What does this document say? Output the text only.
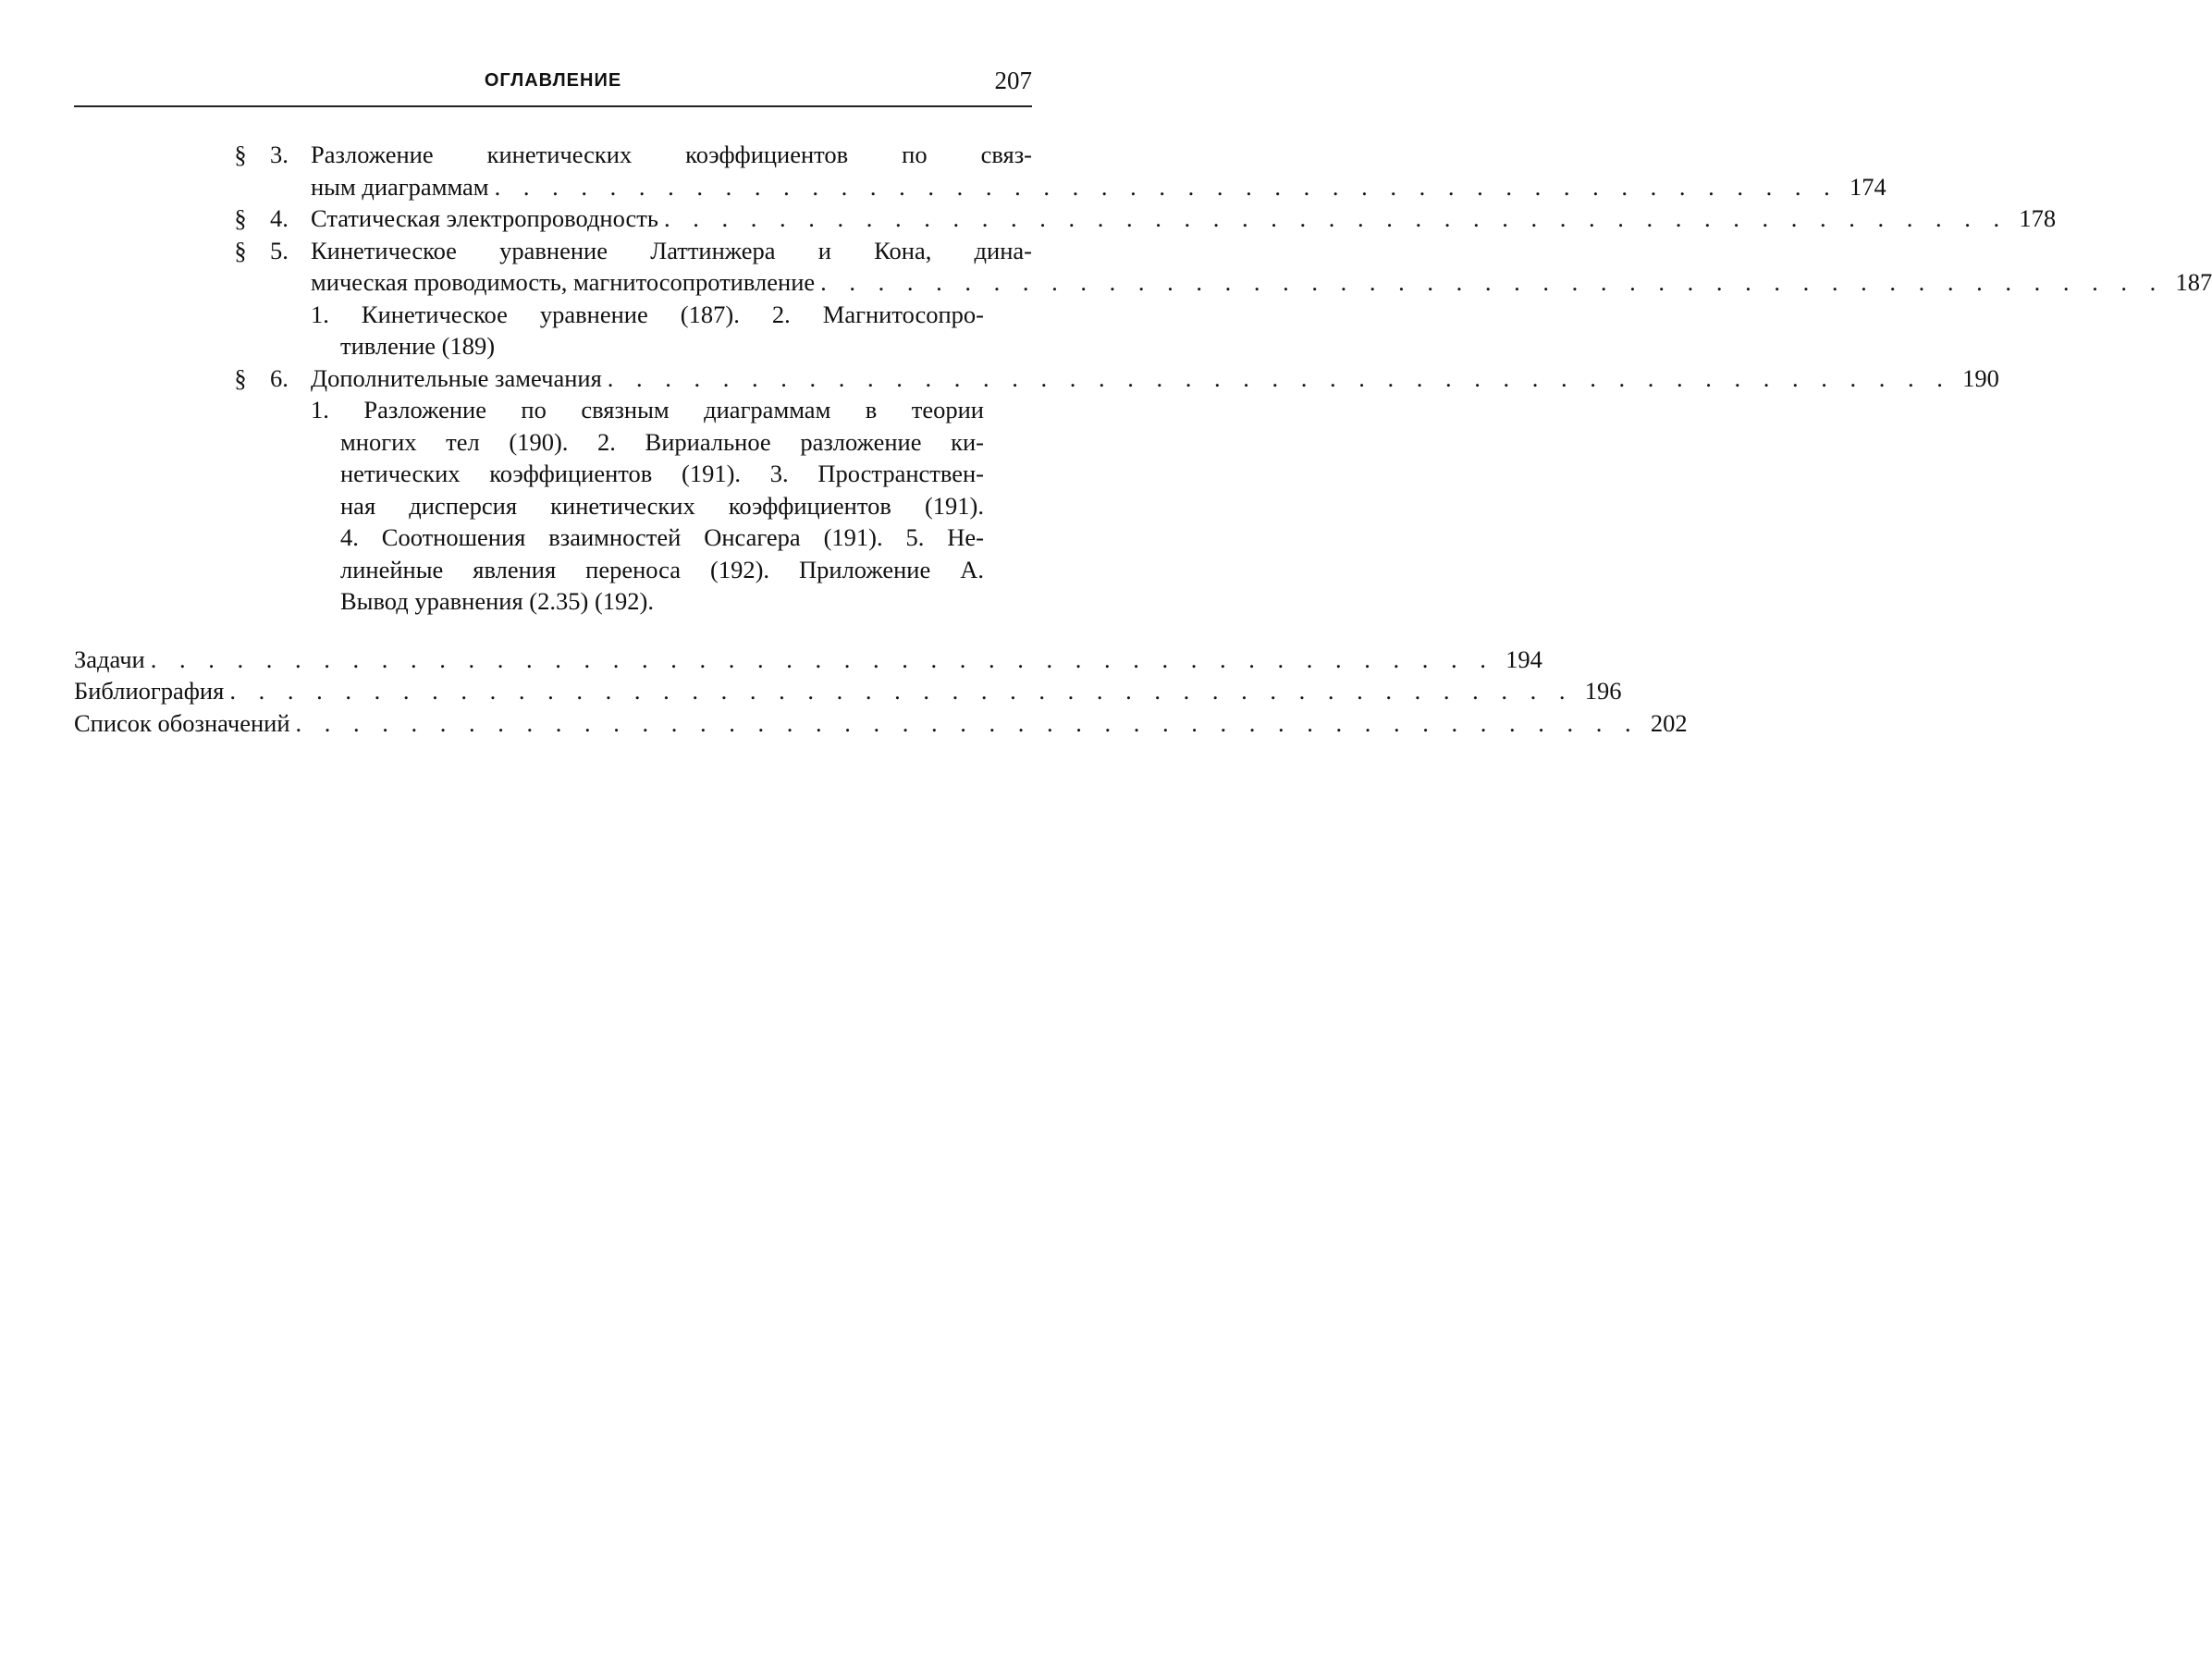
ОГЛАВЛЕНИЕ	207
§ 3. Разложение кинетических коэффициентов по связ-
ным диаграммам . . . . . . . . . . . . . . . . . . . . . . . . . . . . . . . . . . . . . . . . . . . . . . . 174
§ 4. Статическая электропроводность . . . . . . . . . . . . . . . . . . . . . . . . . . . . . . . . . . . . . . . . . . . . . . . 178
§ 5. Кинетическое уравнение Латтинжера и Кона, дина-
мическая проводимость, магнитосопротивление . . . . . . . . . . . . . . . . . . . . . . . . . . . . . . . . . . . . . . . . . . . . . . . 187
1. Кинетическое уравнение (187). 2. Магнитосопро-
тивление (189)
§ 6. Дополнительные замечания . . . . . . . . . . . . . . . . . . . . . . . . . . . . . . . . . . . . . . . . . . . . . . . 190
1. Разложение по связным диаграммам в теории
многих тел (190). 2. Вириальное разложение ки-
нетических коэффициентов (191). 3. Пространствен-
ная дисперсия кинетических коэффициентов (191).
4. Соотношения взаимностей Онсагера (191). 5. Не-
линейные явления переноса (192). Приложение А.
Вывод уравнения (2.35) (192).
Задачи . . . . . . . . . . . . . . . . . . . . . . . . . . . . . . . . . . . . . . . . . . . . . . . 194
Библиография . . . . . . . . . . . . . . . . . . . . . . . . . . . . . . . . . . . . . . . . . . . . . . . 196
Список обозначений . . . . . . . . . . . . . . . . . . . . . . . . . . . . . . . . . . . . . . . . . . . . . . . 202
